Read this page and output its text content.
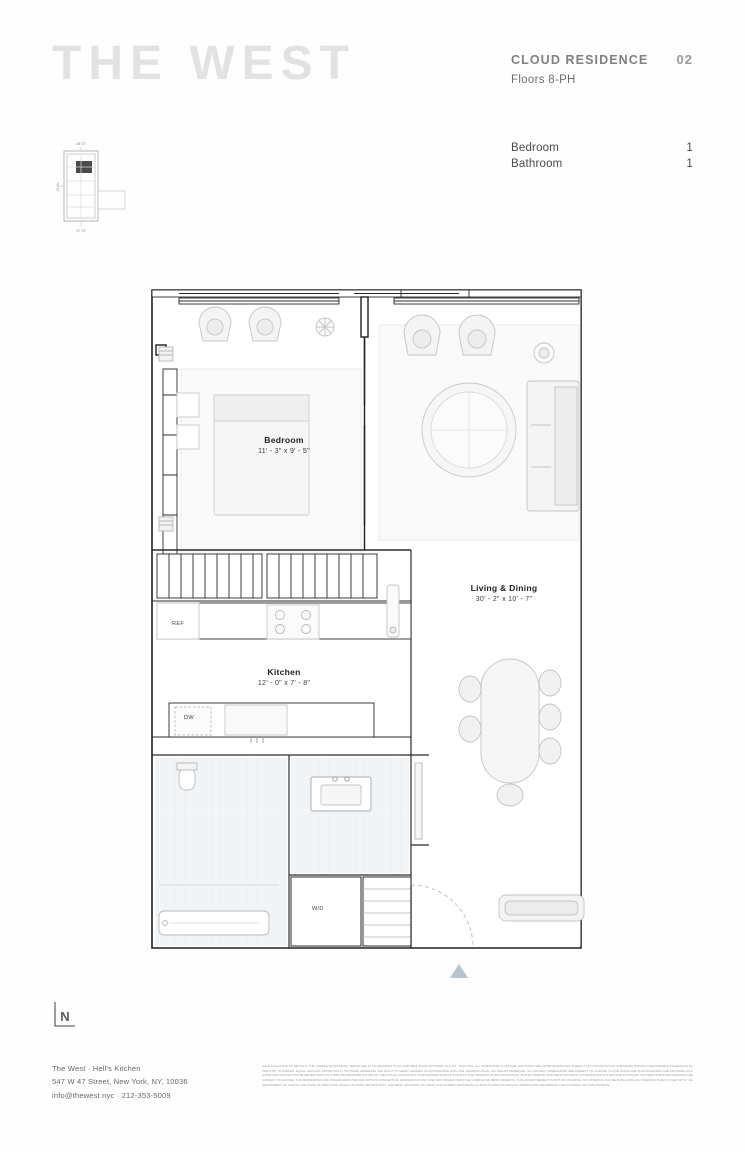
THE WEST	CLOUD RESIDENCE 02
Floors 8-PH
Bedroom	1
Bathroom	1
48 ST
47 ST
11 AV
Bedroom
11' - 3" x 9' - 5"
Living & Dining
30' - 2" x 10' - 7"
Kitchen
12' - 0" x 7' - 8"
REF
DW
W/D
N
The West · Hell's Kitchen
547 W 47 Street, New York, NY, 10036
info@thewest.nyc · 212-353-5009
SOLE EXCLUSIVE OF METIALS. THE COMPLETE OFFERING TERMS ARE IN AN OFFERING PLAN AVAILABLE FROM SPONSOR FILE NO. CD19-0011. ALL DIMENSIONS & SQUARE FOOTAGES ARE APPROXIMATE AND SUBJECT TO CONSTRUCTION VARIANCES WITHIN A REASONABLE TOLERANCE OF INDUSTRY STANDARD. EQUAL HOUSING OPPORTUNITY. SPONSOR RESERVES THE RIGHT TO MAKE CHANGES IN ACCORDANCE WITH THE OFFERING PLAN. ALL RIGHTS RESERVED. ALL PROJECT DIMENSIONS ARE SUBJECT TO CHANGE. FLOOR PLANS AND PLAN DIAGRAMS ARE PROVIDED AS A GUIDE AND SHOULD NOT BE RELIED UPON AS A PRECISE REPRESENTATION OF THE ACTUAL CONDITIONS. PURCHASERS SHOULD CONSULT THE OFFERING PLAN FOR DETAILS ON THE INTERIOR AND PARTITION WALL LOCATIONS AND ALL SQUARE FOOTAGES. ALL DEPICTIONS AND FINISHES ARE SUBJECT TO CHANGE. THE RENDERINGS AND IMAGES DEPICTED ARE ARTISTS CONCEPTUAL RENDERINGS ONLY AND MAY DIFFER FROM THE COMPLETED IMPROVEMENTS. THIS ADVERTISEMENT IS NOT AN OFFERING. NO OFFERING CAN BE MADE UNTIL AN OFFERING PLAN IS FILED WITH THE DEPARTMENT OF LAW OF THE STATE OF NEW YORK. EQUAL HOUSING OPPORTUNITY. THE WEST, SPONSOR: 547 WEST 47TH STREET PARTNERS LLC AND ITS AGENTS MAKE NO WARRANTIES REGARDING THE ACCURACY OF THIS MATERIAL.
